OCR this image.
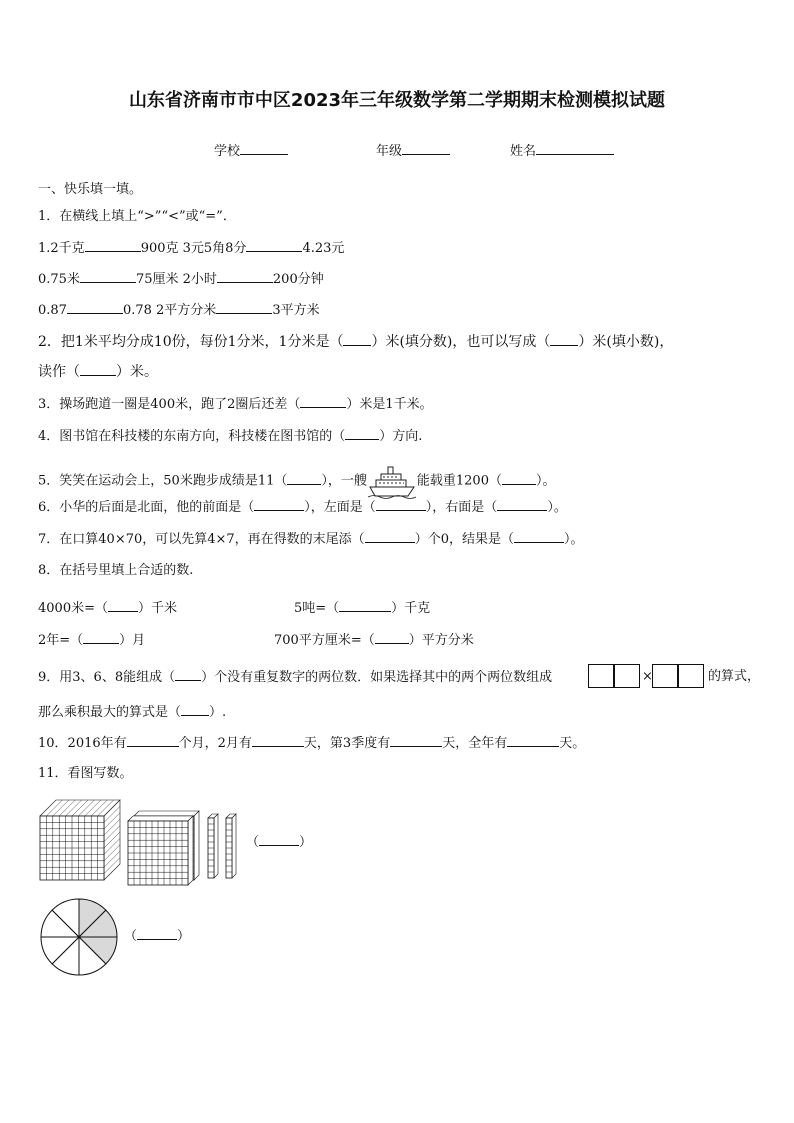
山东省济南市市中区2023年三年级数学第二学期期末检测模拟试题
学校	年级	姓名
一、快乐填一填。
1．在横线上填上“>”“<”或“=”．
1.2千克	900克 3元5角8分	4.23元
0.75米	75厘米 2小时	200分钟
0.87	0.78 2平方分米	3平方米
2．把1米平均分成10份，每份1分米，1分米是（ ）米(填分数)，也可以写成（ ）米(填小数)，
读作（	）米。
3．操场跑道一圈是400米，跑了2圈后还差（	）米是1千米。
4．图书馆在科技楼的东南方向，科技楼在图书馆的（	）方向.
5．笑笑在运动会上，50米跑步成绩是11（	），一艘	能载重1200（	）。
6．小华的后面是北面，他的前面是（	），左面是（	），右面是（	）。
7．在口算40×70，可以先算4×7，再在得数的末尾添（	）个0，结果是（	）。
8．在括号里填上合适的数.
4000米=（ ）千米	5吨=（	）千克
2年=（	）月	700平方厘米=（	）平方分米
9．用3、6、8能组成（ ）个没有重复数字的两位数．如果选择其中的两个两位数组成	×	的算式，
那么乘积最大的算式是（ ）.
10．2016年有	个月，2月有	天，第3季度有	天，全年有	天。
11．看图写数。
（	）
（	）
